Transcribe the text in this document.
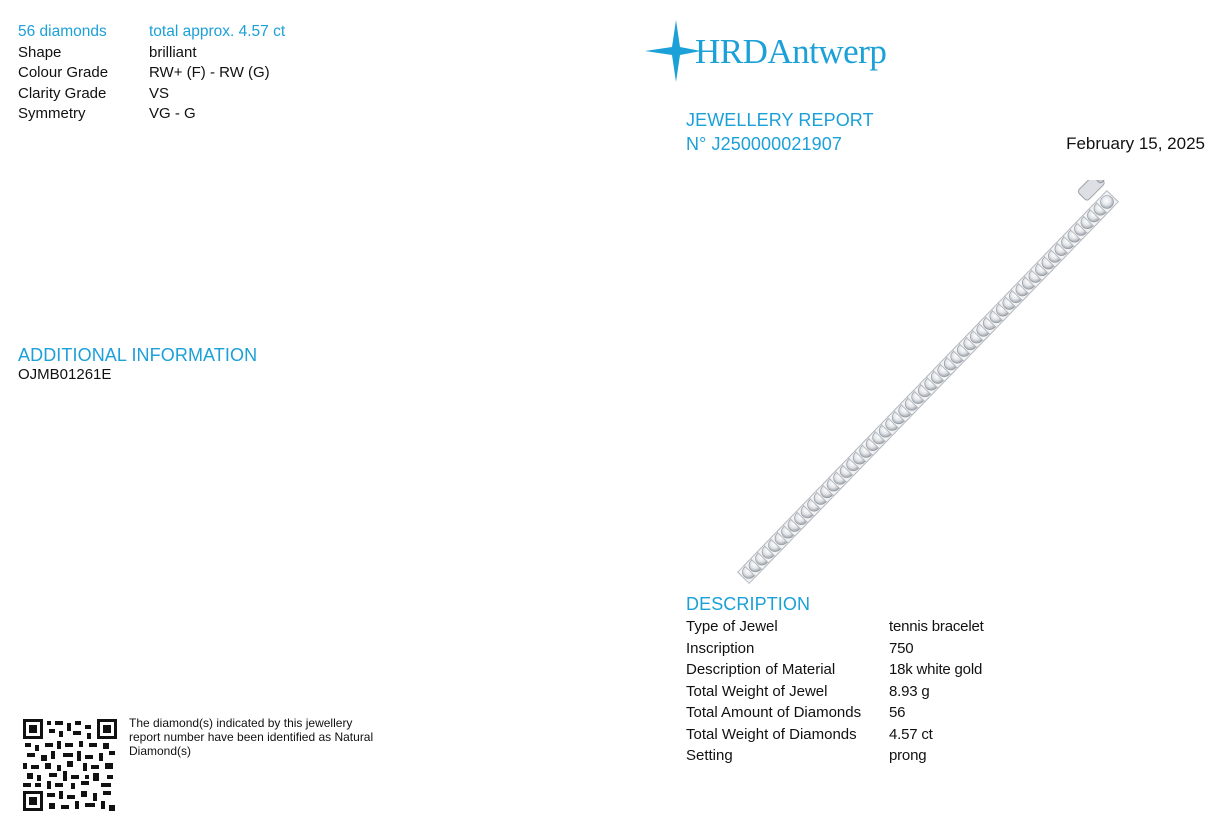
56 diamonds	total approx. 4.57 ct
Shape	brilliant
Colour Grade	RW+ (F) - RW (G)
Clarity Grade	VS
Symmetry	VG - G
ADDITIONAL INFORMATION
OJMB01261E
The diamond(s) indicated by this jewellery report number have been identified as Natural Diamond(s)
HRDAntwerp
JEWELLERY REPORT
N° J250000021907	February 15, 2025
DESCRIPTION
Type of Jewel	tennis bracelet
Inscription	750
Description of Material	18k white gold
Total Weight of Jewel	8.93 g
Total Amount of Diamonds 56
Total Weight of Diamonds 4.57 ct
Setting	prong
